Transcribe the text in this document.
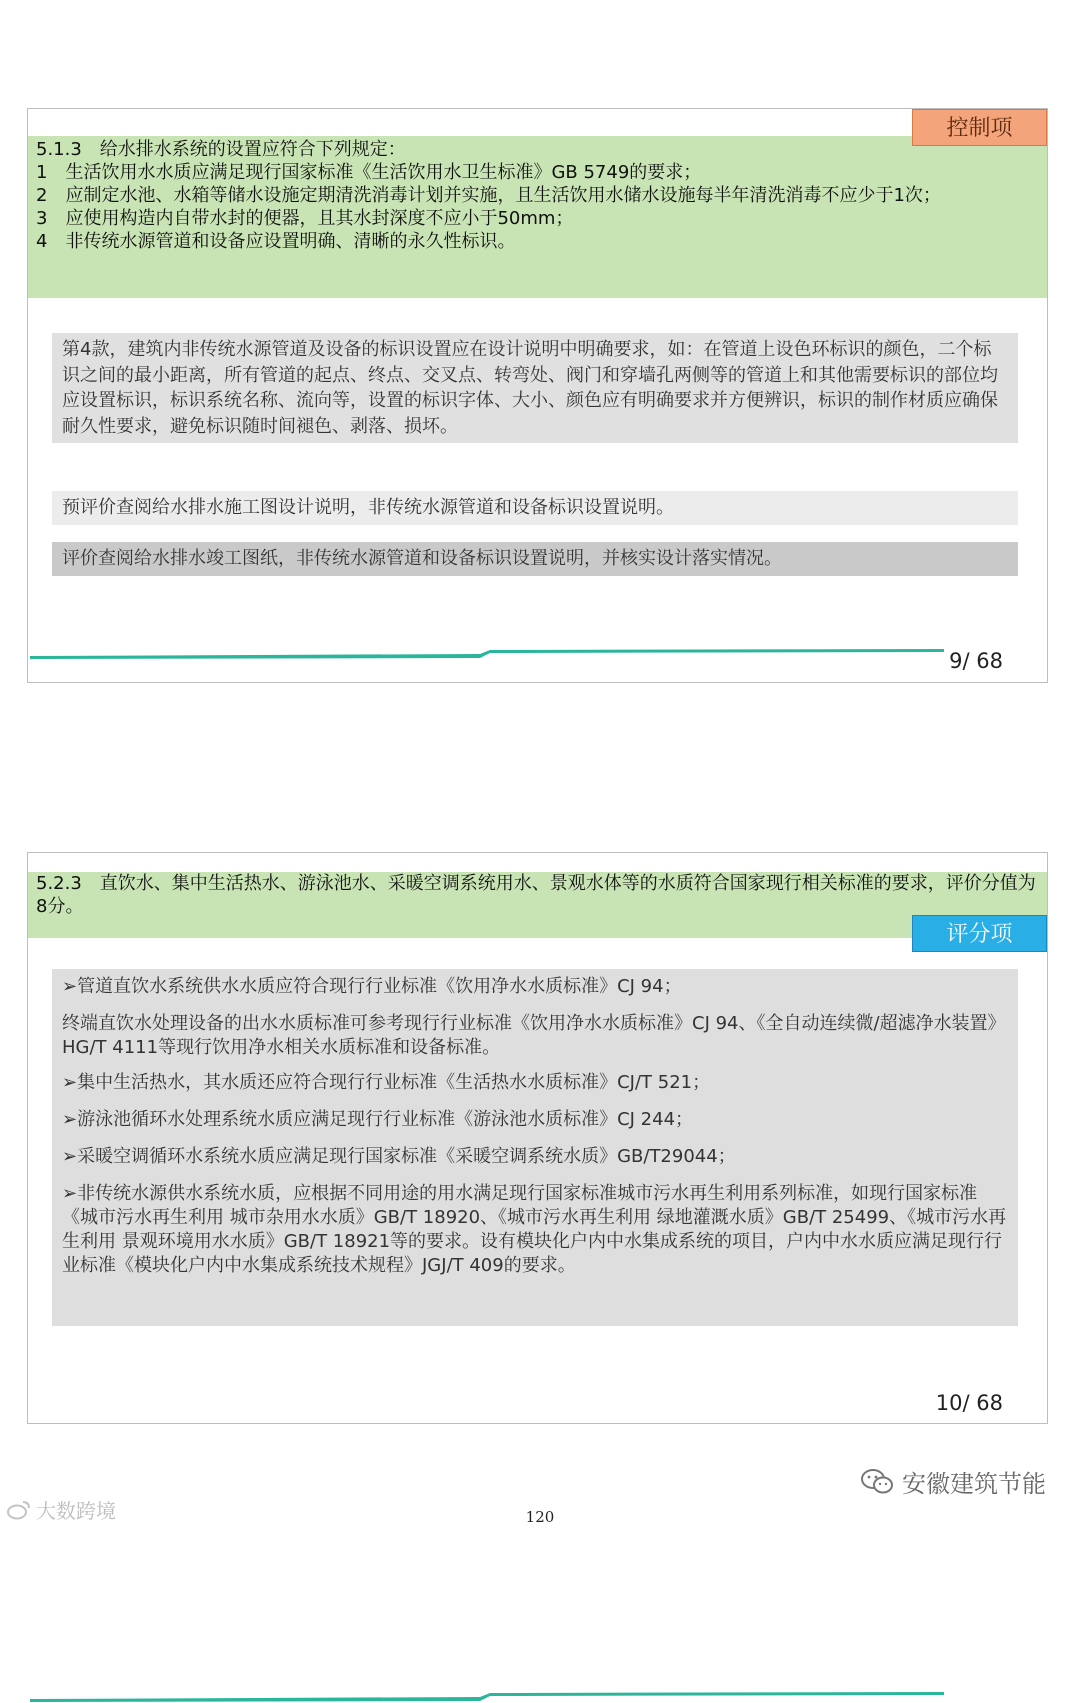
5.1.3　给水排水系统的设置应符合下列规定：

1　生活饮用水水质应满足现行国家标准《生活饮用水卫生标准》GB 5749的要求；

2　应制定水池、水箱等储水设施定期清洗消毒计划并实施，且生活饮用水储水设施每半年清洗消毒不应少于1次；

3　应使用构造内自带水封的便器，且其水封深度不应小于50mm；

4　非传统水源管道和设备应设置明确、清晰的永久性标识。

控制项
第4款，建筑内非传统水源管道及设备的标识设置应在设计说明中明确要求，如：在管道上设色环标识的颜色，二个标识之间的最小距离，所有管道的起点、终点、交叉点、转弯处、阀门和穿墙孔两侧等的管道上和其他需要标识的部位均应设置标识，标识系统名称、流向等，设置的标识字体、大小、颜色应有明确要求并方便辨识，标识的制作材质应确保耐久性要求，避免标识随时间褪色、剥落、损坏。
预评价查阅给水排水施工图设计说明，非传统水源管道和设备标识设置说明。
评价查阅给水排水竣工图纸，非传统水源管道和设备标识设置说明，并核实设计落实情况。
9/ 68

5.2.3　直饮水、集中生活热水、游泳池水、采暖空调系统用水、景观水体等的水质符合国家现行相关标准的要求，评价分值为8分。

评分项

➢管道直饮水系统供水水质应符合现行行业标准《饮用净水水质标准》CJ 94；

终端直饮水处理设备的出水水质标准可参考现行行业标准《饮用净水水质标准》CJ 94、《全自动连续微/超滤净水装置》HG/T 4111等现行饮用净水相关水质标准和设备标准。

➢集中生活热水，其水质还应符合现行行业标准《生活热水水质标准》CJ/T 521；

➢游泳池循环水处理系统水质应满足现行行业标准《游泳池水质标准》CJ 244；

➢采暖空调循环水系统水质应满足现行国家标准《采暖空调系统水质》GB/T29044；

➢非传统水源供水系统水质，应根据不同用途的用水满足现行国家标准城市污水再生利用系列标准，如现行国家标准《城市污水再生利用 城市杂用水水质》GB/T 18920、《城市污水再生利用 绿地灌溉水质》GB/T 25499、《城市污水再生利用 景观环境用水水质》GB/T 18921等的要求。设有模块化户内中水集成系统的项目，户内中水水质应满足现行行业标准《模块化户内中水集成系统技术规程》JGJ/T 409的要求。

10/ 68
安徽建筑节能
大数跨境	120
